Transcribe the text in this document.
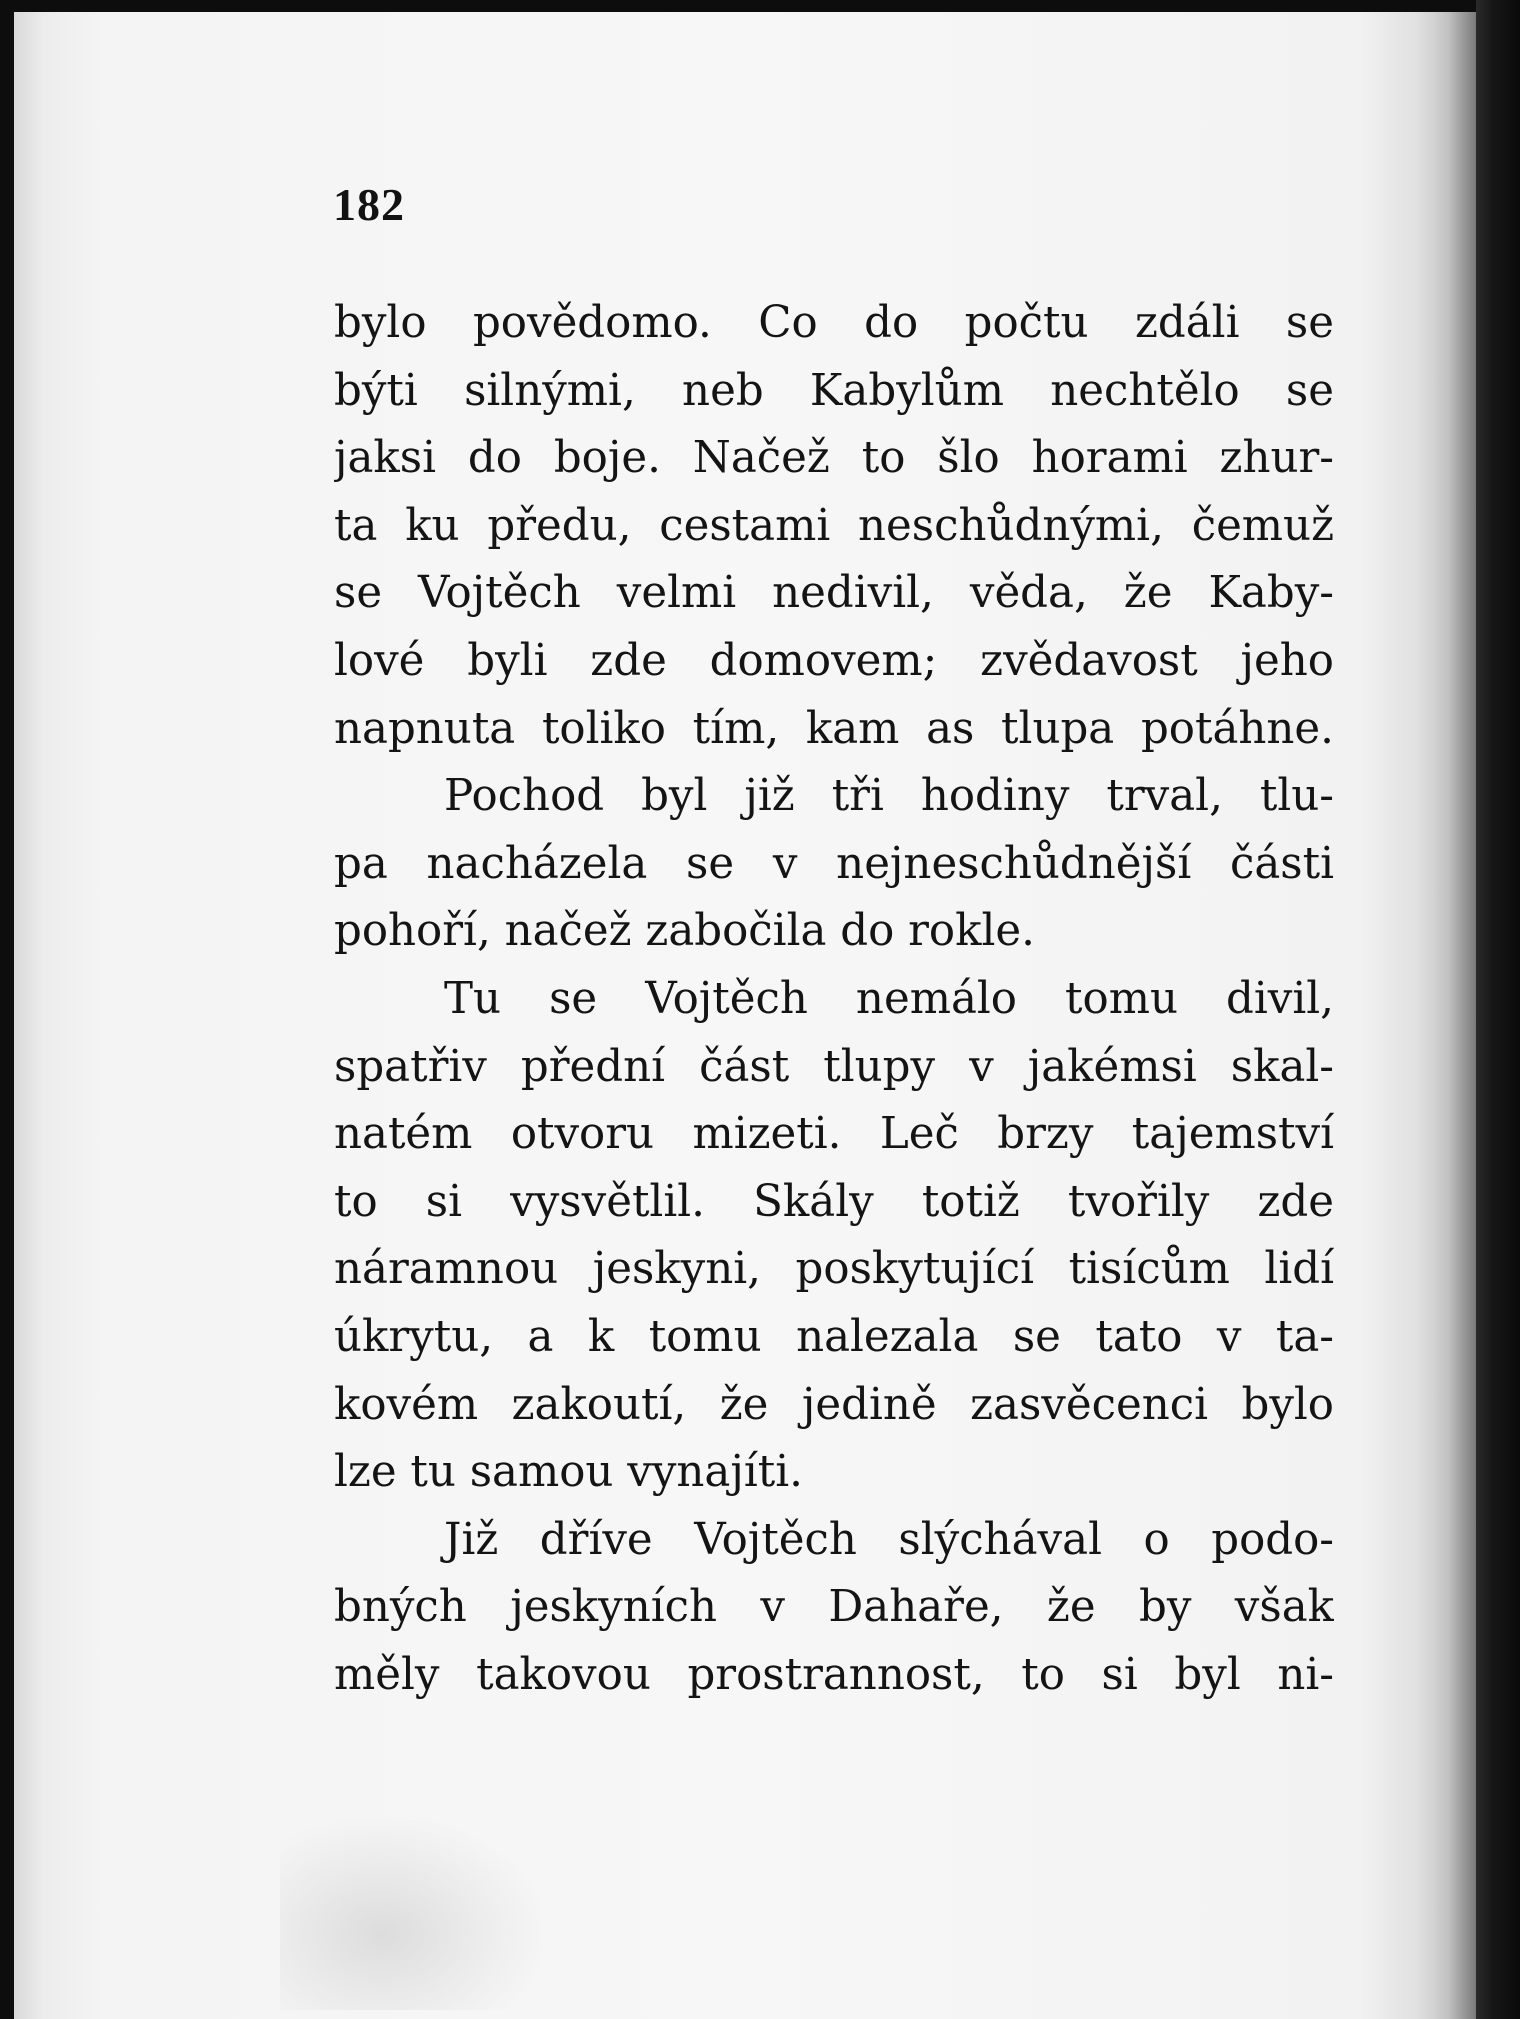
182
bylo povědomo. Co do počtu zdáli se
býti silnými, neb Kabylům nechtělo se
jaksi do boje. Načež to šlo horami zhur-
ta ku předu, cestami neschůdnými, čemuž
se Vojtěch velmi nedivil, věda, že Kaby-
lové byli zde domovem; zvědavost jeho
napnuta toliko tím, kam as tlupa potáhne.
Pochod byl již tři hodiny trval, tlu-
pa nacházela se v nejneschůdnější části
pohoří, načež zabočila do rokle.
Tu se Vojtěch nemálo tomu divil,
spatřiv přední část tlupy v jakémsi skal-
natém otvoru mizeti. Leč brzy tajemství
to si vysvětlil. Skály totiž tvořily zde
náramnou jeskyni, poskytující tisícům lidí
úkrytu, a k tomu nalezala se tato v ta-
kovém zakoutí, že jedině zasvěcenci bylo
lze tu samou vynajíti.
Již dříve Vojtěch slýchával o podo-
bných jeskyních v Dahaře, že by však
měly takovou prostrannost, to si byl ni-
